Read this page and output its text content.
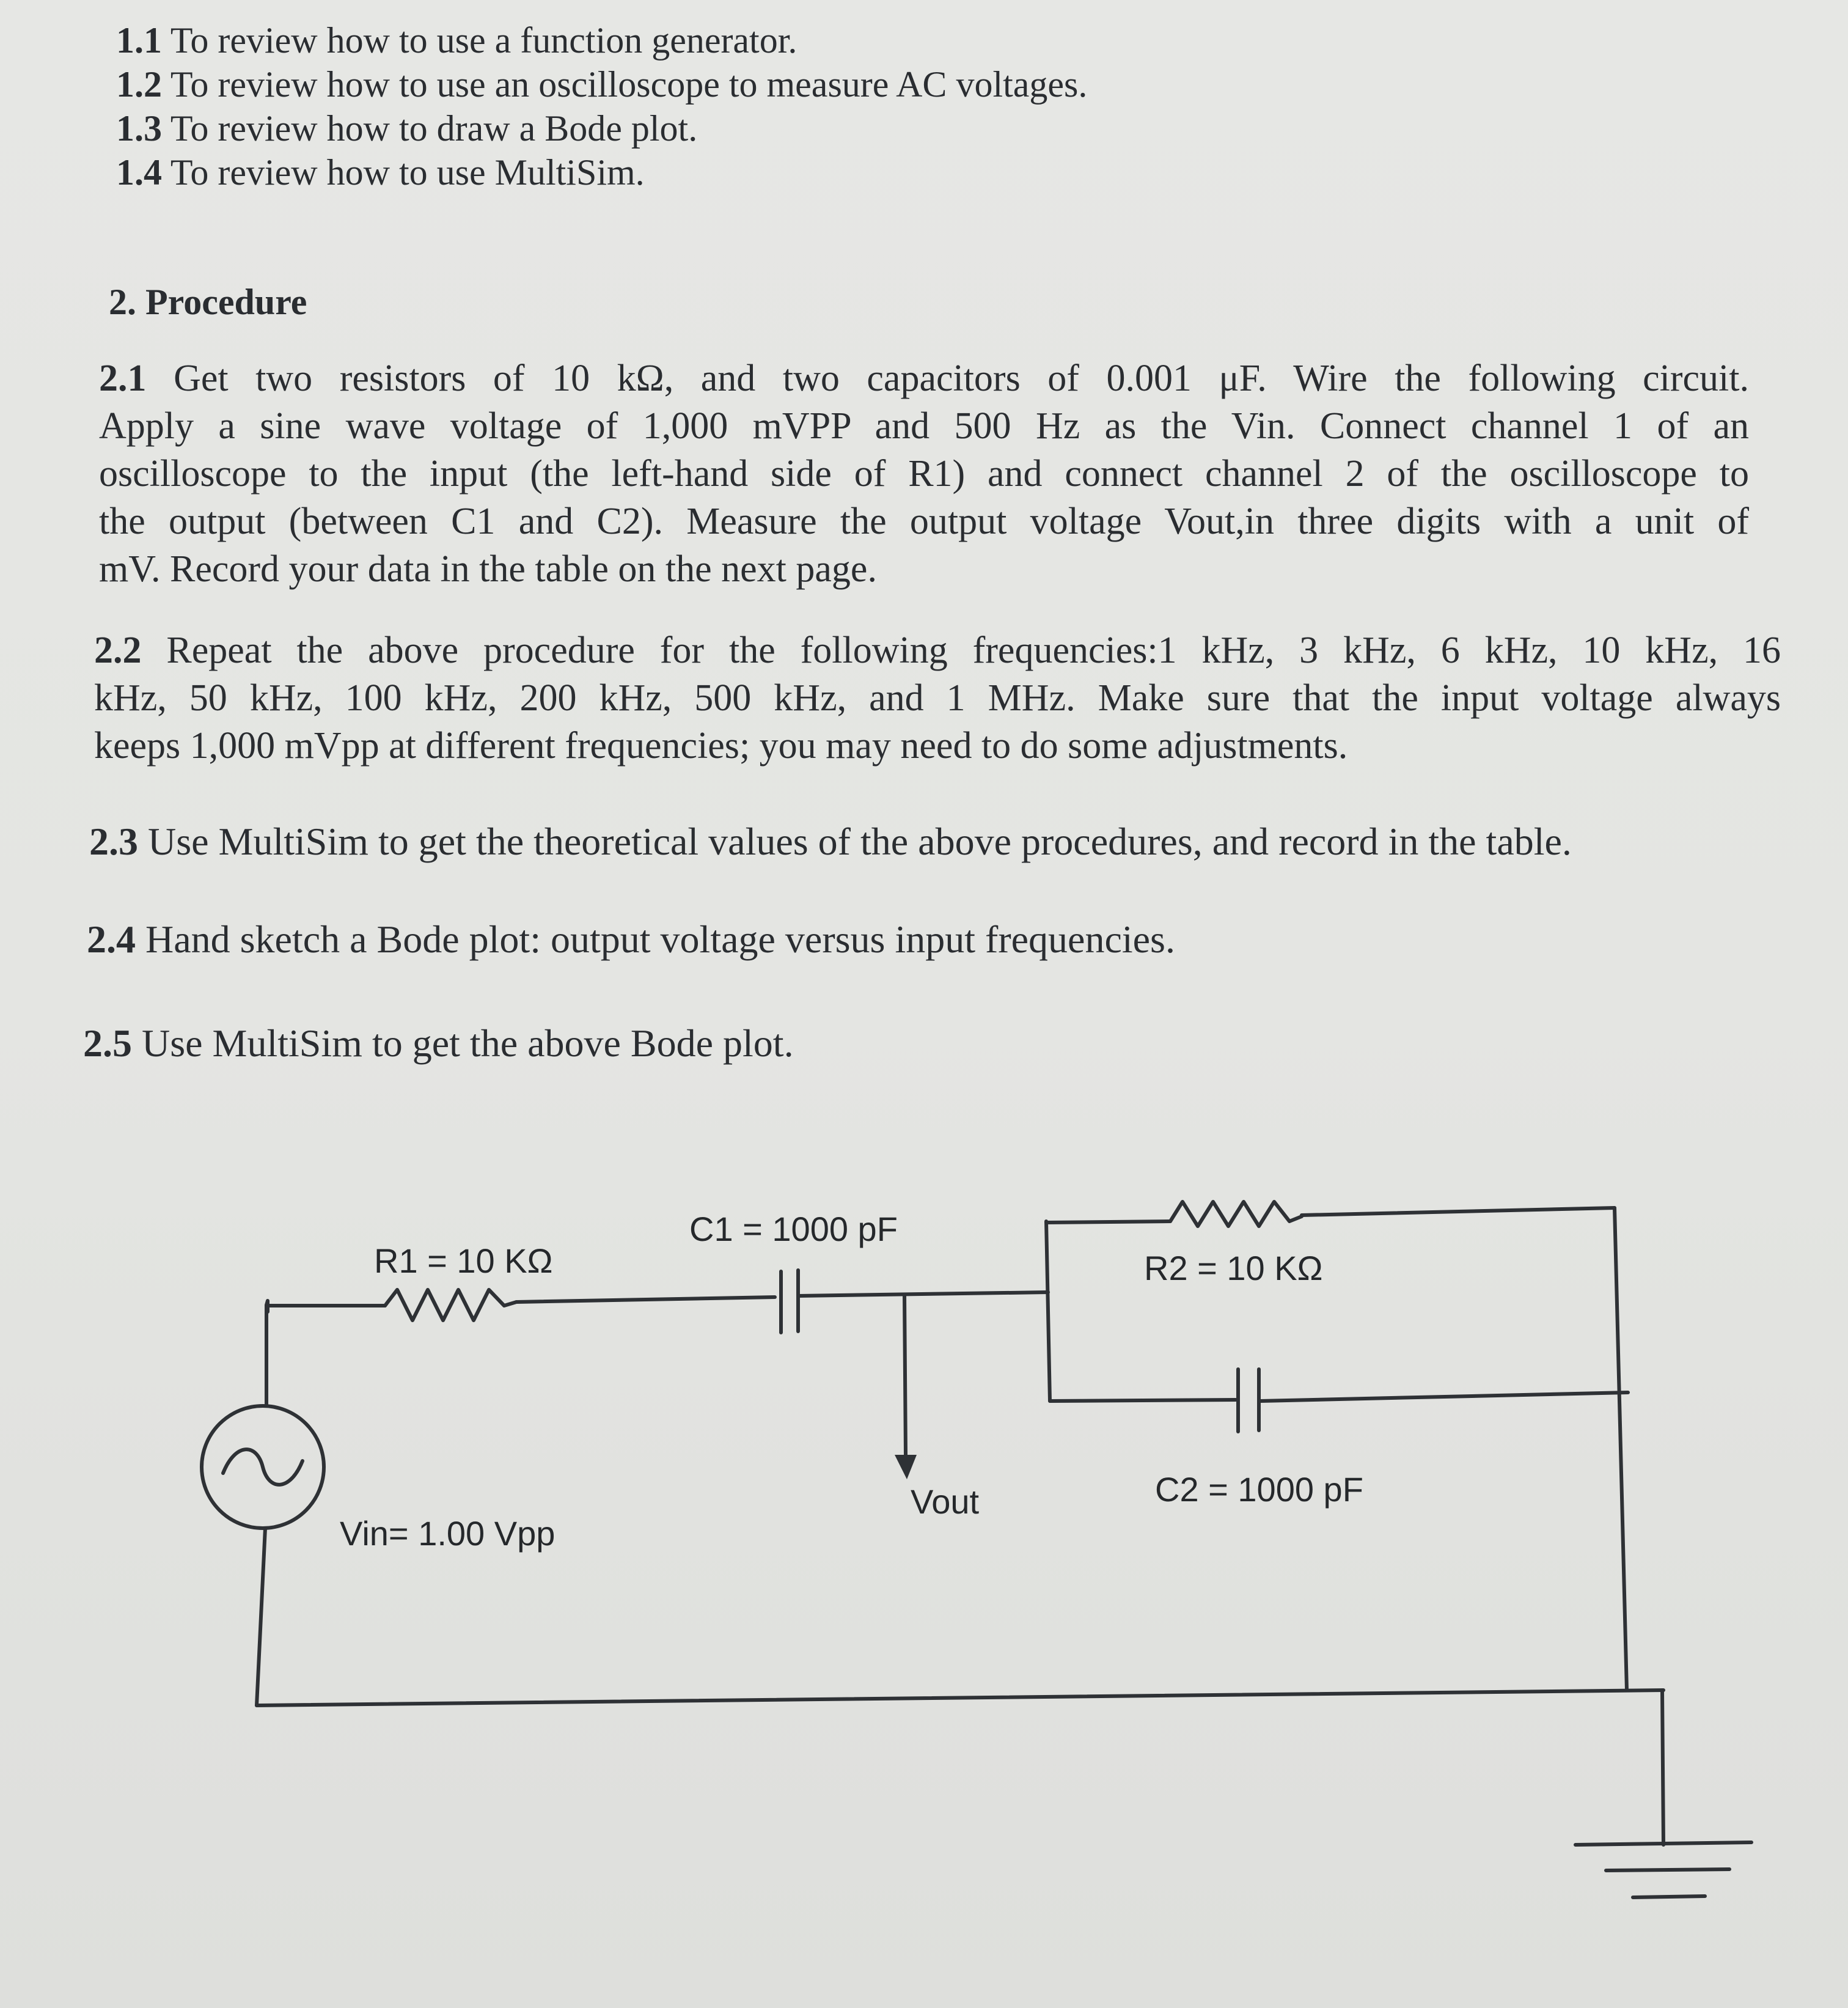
1.1 To review how to use a function generator.

1.2 To review how to use an oscilloscope to measure AC voltages.

1.3 To review how to draw a Bode plot.

1.4 To review how to use MultiSim.

2. Procedure

2.1 Get two resistors of 10 kΩ, and two capacitors of 0.001 μF. Wire the following circuit.

Apply a sine wave voltage of 1,000 mVPP and 500 Hz as the Vin. Connect channel 1 of an

oscilloscope to the input (the left-hand side of R1) and connect channel 2 of the oscilloscope to

the output (between C1 and C2). Measure the output voltage Vout,in three digits with a unit of

mV. Record your data in the table on the next page.

2.2 Repeat the above procedure for the following frequencies:1 kHz, 3 kHz, 6 kHz, 10 kHz, 16

kHz, 50 kHz, 100 kHz, 200 kHz, 500 kHz, and 1 MHz. Make sure that the input voltage always

keeps 1,000 mVpp at different frequencies; you may need to do some adjustments.

2.3 Use MultiSim to get the theoretical values of the above procedures, and record in the table.
2.4 Hand sketch a Bode plot: output voltage versus input frequencies.
2.5 Use MultiSim to get the above Bode plot.
R1 = 10 KΩ
C1 = 1000 pF
R2 = 10 KΩ
C2 = 1000 pF
Vin= 1.00 Vpp
Vout
